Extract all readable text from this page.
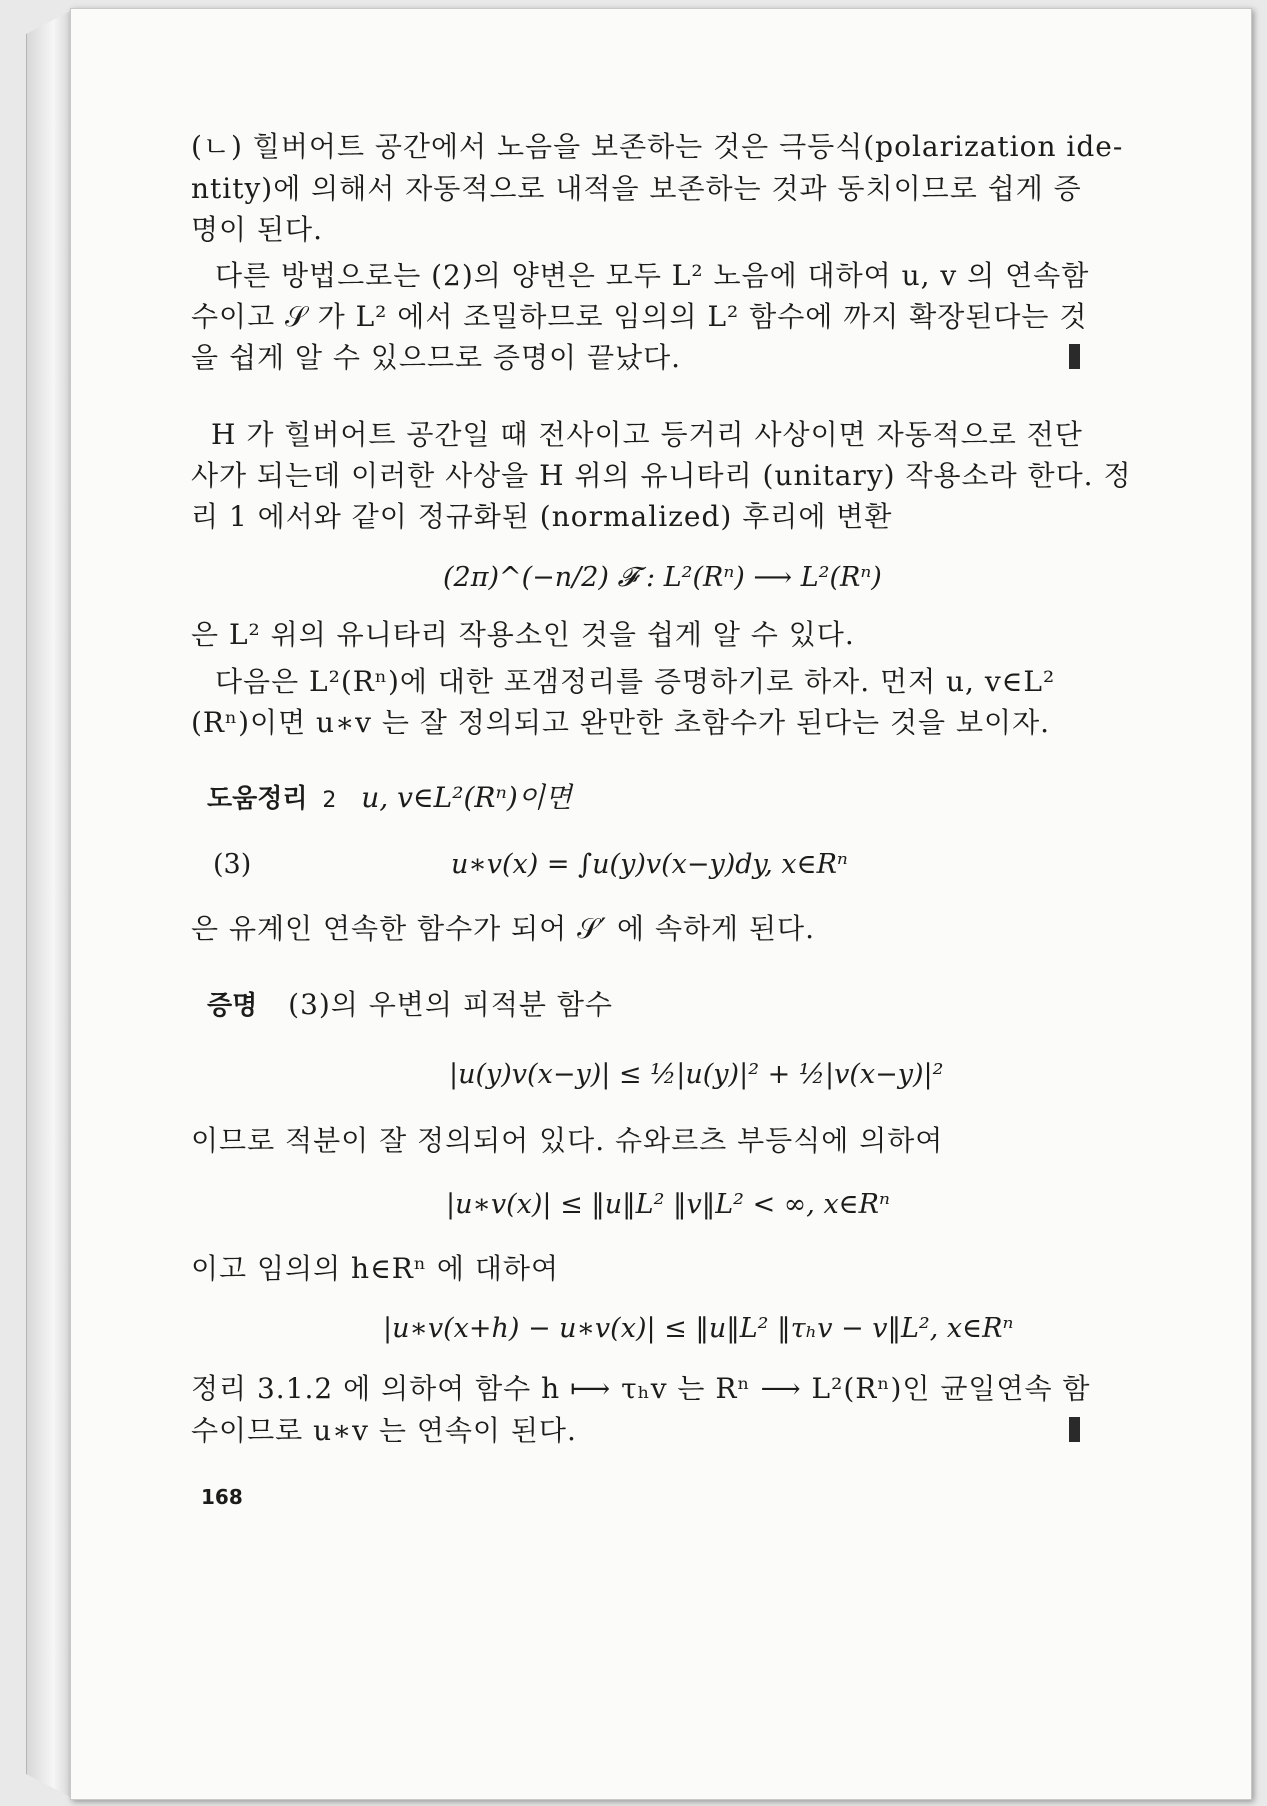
(ㄴ) 힐버어트 공간에서 노음을 보존하는 것은 극등식(polarization ide-
ntity)에 의해서 자동적으로 내적을 보존하는 것과 동치이므로 쉽게 증
명이 된다.
다른 방법으로는 (2)의 양변은 모두 L² 노음에 대하여 u, v 의 연속함
수이고 𝒮 가 L² 에서 조밀하므로 임의의 L² 함수에 까지 확장된다는 것
을 쉽게 알 수 있으므로 증명이 끝났다.
H 가 힐버어트 공간일 때 전사이고 등거리 사상이면 자동적으로 전단
사가 되는데 이러한 사상을 H 위의 유니타리 (unitary) 작용소라 한다. 정
리 1 에서와 같이 정규화된 (normalized) 후리에 변환
(2π)^(−n/2) 𝓕 : L²(Rⁿ) ⟶ L²(Rⁿ)
은 L² 위의 유니타리 작용소인 것을 쉽게 알 수 있다.
다음은 L²(Rⁿ)에 대한 포갬정리를 증명하기로 하자. 먼저 u, v∈L²
(Rⁿ)이면 u∗v 는 잘 정의되고 완만한 초함수가 된다는 것을 보이자.
도움정리 2 u, v∈L²(Rⁿ)이면
(3)	u∗v(x) = ∫u(y)v(x−y)dy, x∈Rⁿ
은 유계인 연속한 함수가 되어 𝒮′ 에 속하게 된다.
증명 (3)의 우변의 피적분 함수
|u(y)v(x−y)| ≤ ½|u(y)|² + ½|v(x−y)|²
이므로 적분이 잘 정의되어 있다. 슈와르츠 부등식에 의하여
|u∗v(x)| ≤ ‖u‖L² ‖v‖L² < ∞, x∈Rⁿ
이고 임의의 h∈Rⁿ 에 대하여
|u∗v(x+h) − u∗v(x)| ≤ ‖u‖L² ‖τₕv − v‖L², x∈Rⁿ
정리 3.1.2 에 의하여 함수 h ⟼ τₕv 는 Rⁿ ⟶ L²(Rⁿ)인 균일연속 함
수이므로 u∗v 는 연속이 된다.
168
